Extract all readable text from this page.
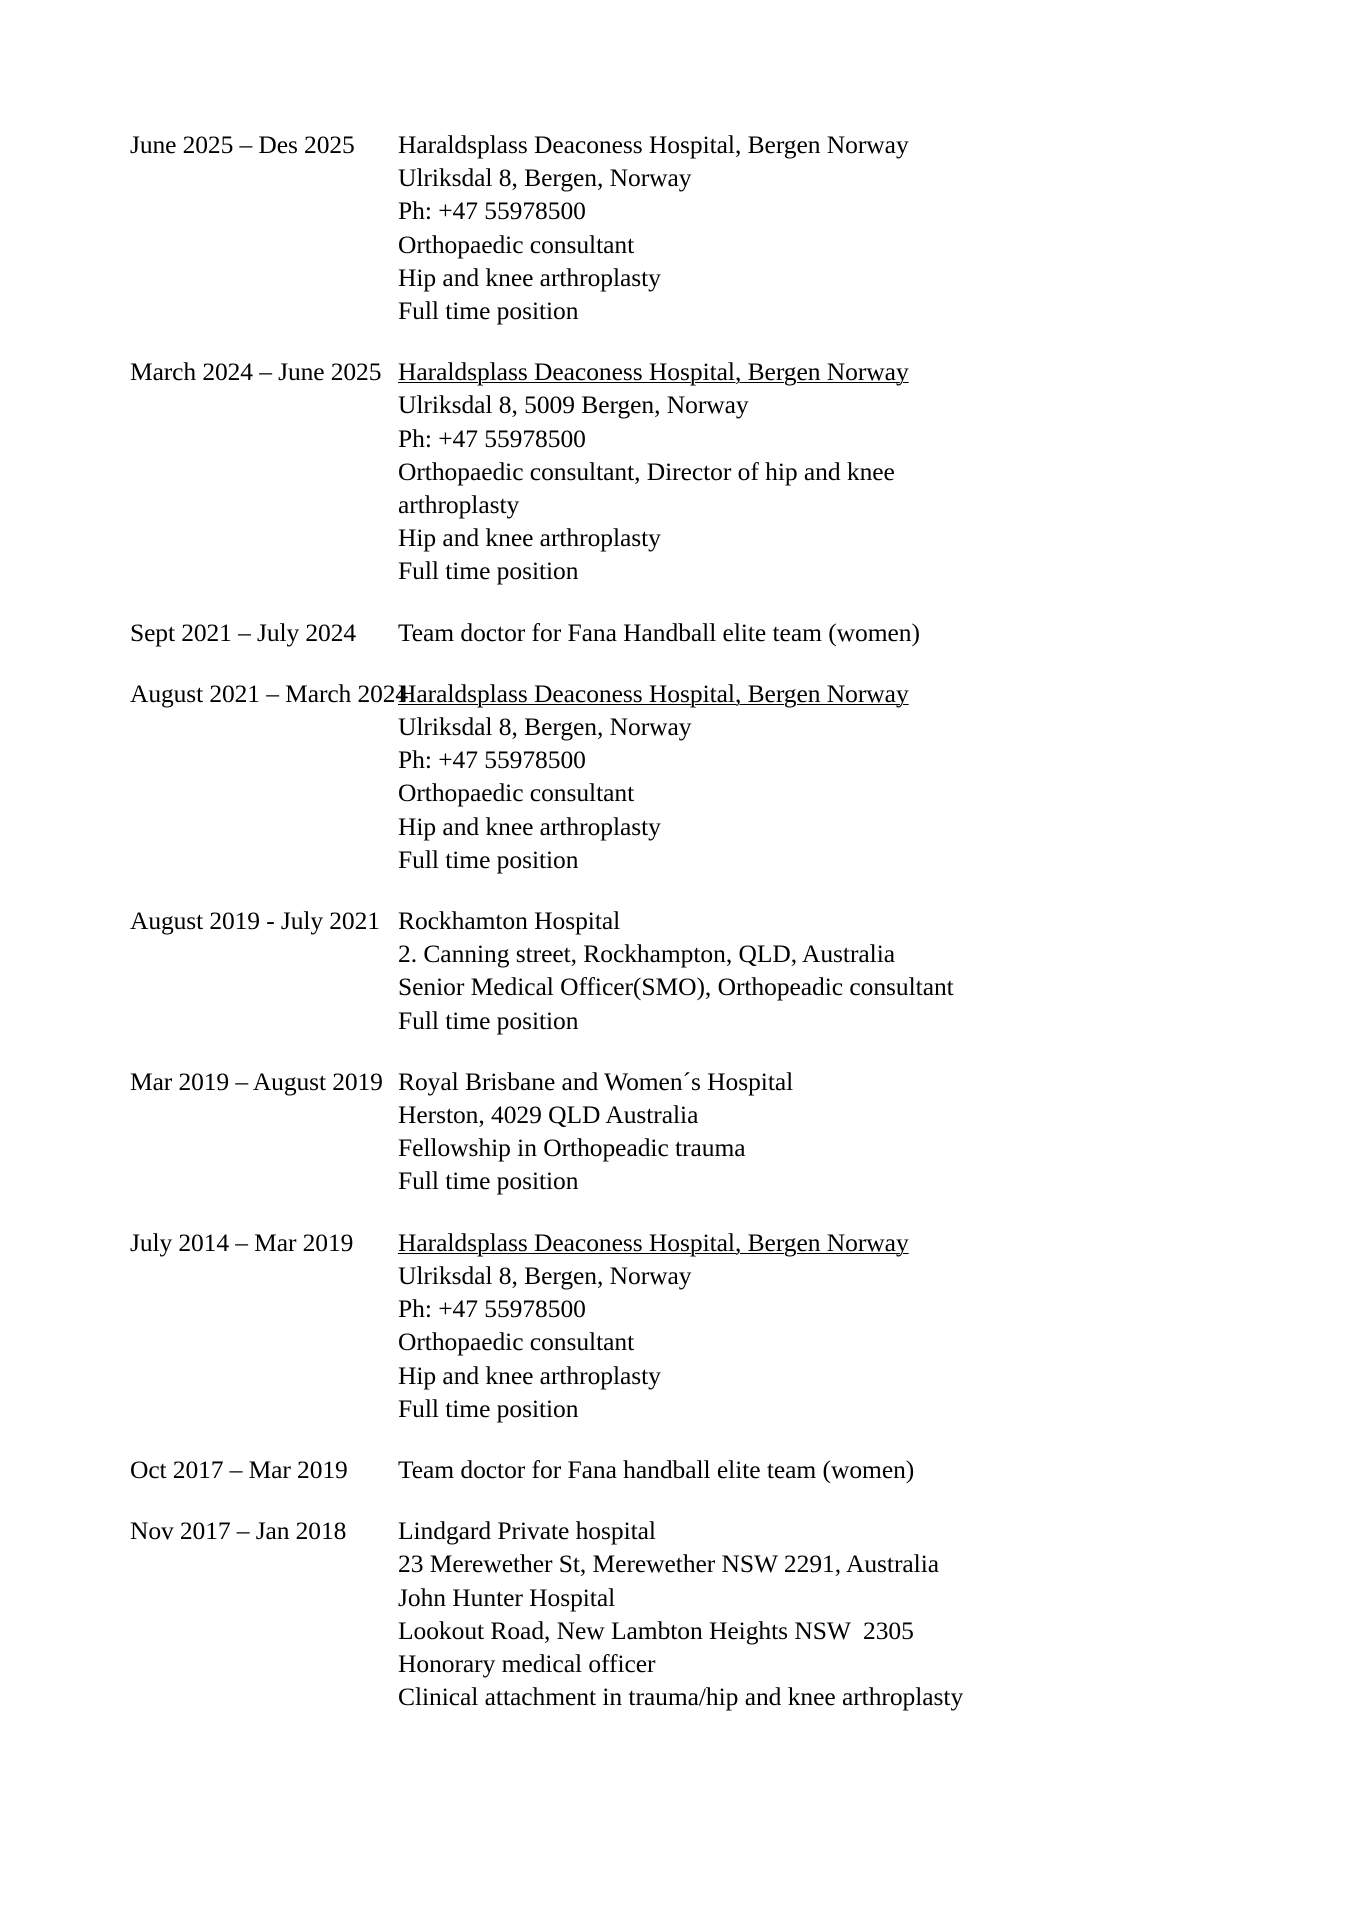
June 2025 – Des 2025	Haraldsplass Deaconess Hospital, Bergen Norway
Ulriksdal 8, Bergen, Norway
Ph: +47 55978500
Orthopaedic consultant
Hip and knee arthroplasty
Full time position
March 2024 – June 2025 Haraldsplass Deaconess Hospital, Bergen Norway
Ulriksdal 8, 5009 Bergen, Norway
Ph: +47 55978500
Orthopaedic consultant, Director of hip and knee
arthroplasty
Hip and knee arthroplasty
Full time position
Sept 2021 – July 2024	Team doctor for Fana Handball elite team (women)
August 2021 – March 2024
Haraldsplass Deaconess Hospital, Bergen Norway
Ulriksdal 8, Bergen, Norway
Ph: +47 55978500
Orthopaedic consultant
Hip and knee arthroplasty
Full time position
August 2019 - July 2021 Rockhamton Hospital
2. Canning street, Rockhampton, QLD, Australia
Senior Medical Officer(SMO), Orthopeadic consultant
Full time position
Mar 2019 – August 2019 Royal Brisbane and Women´s Hospital
Herston, 4029 QLD Australia
Fellowship in Orthopeadic trauma
Full time position
July 2014 – Mar 2019	Haraldsplass Deaconess Hospital, Bergen Norway
Ulriksdal 8, Bergen, Norway
Ph: +47 55978500
Orthopaedic consultant
Hip and knee arthroplasty
Full time position
Oct 2017 – Mar 2019	Team doctor for Fana handball elite team (women)
Nov 2017 – Jan 2018	Lindgard Private hospital
23 Merewether St, Merewether NSW 2291, Australia
John Hunter Hospital
Lookout Road, New Lambton Heights NSW  2305
Honorary medical officer
Clinical attachment in trauma/hip and knee arthroplasty
